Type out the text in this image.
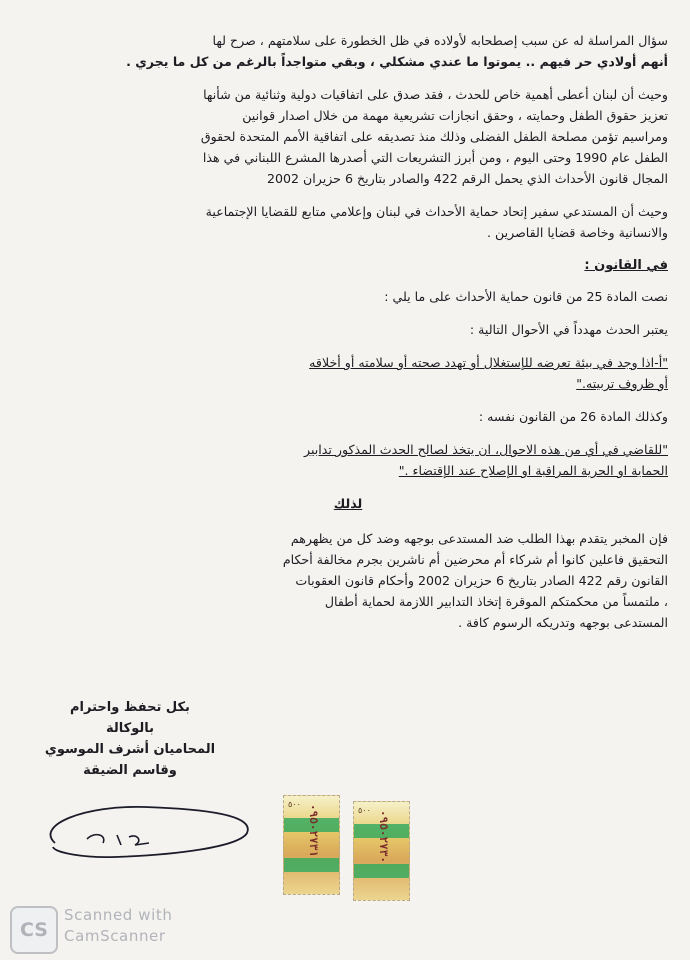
سؤال المراسلة له عن سبب إصطحابه لأولاده في ظل الخطورة على سلامتهم ، صرح لها
أنهم أولادي حر فيهم .. يموتوا ما عندي مشكلي ، وبقي متواجداً بالرغم من كل ما يجري .
وحيث أن لبنان أعطى أهمية خاص للحدث ، فقد صدق على اتفاقيات دولية وثنائية من شأنها
تعزيز حقوق الطفل وحمايته ، وحقق انجازات تشريعية مهمة من خلال اصدار قوانين
ومراسيم تؤمن مصلحة الطفل الفضلى وذلك منذ تصديقه على اتفاقية الأمم المتحدة لحقوق
الطفل عام 1990 وحتى اليوم ، ومن أبرز التشريعات التي أصدرها المشرع اللبناني في هذا
المجال قانون الأحداث الذي يحمل الرقم 422 والصادر بتاريخ 6 حزيران 2002
وحيث أن المستدعي سفير إتحاد حماية الأحداث في لبنان وإعلامي متابع للقضايا الإجتماعية
والانسانية وخاصة قضايا القاصرين .
في القانون :
نصت المادة 25 من قانون حماية الأحداث على ما يلي :
يعتبر الحدث مهدداً في الأحوال التالية :
"أ-اذا وجد في بيئة تعرضه للإستغلال أو تهدد صحته أو سلامته أو أخلاقه
أو ظروف تربيته."
وكذلك المادة 26 من القانون نفسه :
"للقاضي في أي من هذه الاحوال، ان يتخذ لصالح الحدث المذكور تدابير
الحماية او الحرية المراقبة او الإصلاح عند الإقتضاء ."
لذلك
فإن المخبر يتقدم بهذا الطلب ضد المستدعى بوجهه وضد كل من يظهرهم
التحقيق فاعلين كانوا أم شركاء أم محرضين أم ناشرين بجرم مخالفة أحكام
القانون رقم 422 الصادر بتاريخ 6 حزيران 2002 وأحكام قانون العقوبات
، ملتمساً من محكمتكم الموقرة إتخاذ التدابير اللازمة لحماية أطفال
المستدعى بوجهه وتدريكه الرسوم كافة .
بكل تحفظ واحترام
بالوكالة
المحاميان أشرف الموسوي
وقاسم الضيقة
٠٩٥٠٢٧٣١
٥٠٠
٠٩٥٠٢٧٣٠
٥٠٠
CS
Scanned with
CamScanner
